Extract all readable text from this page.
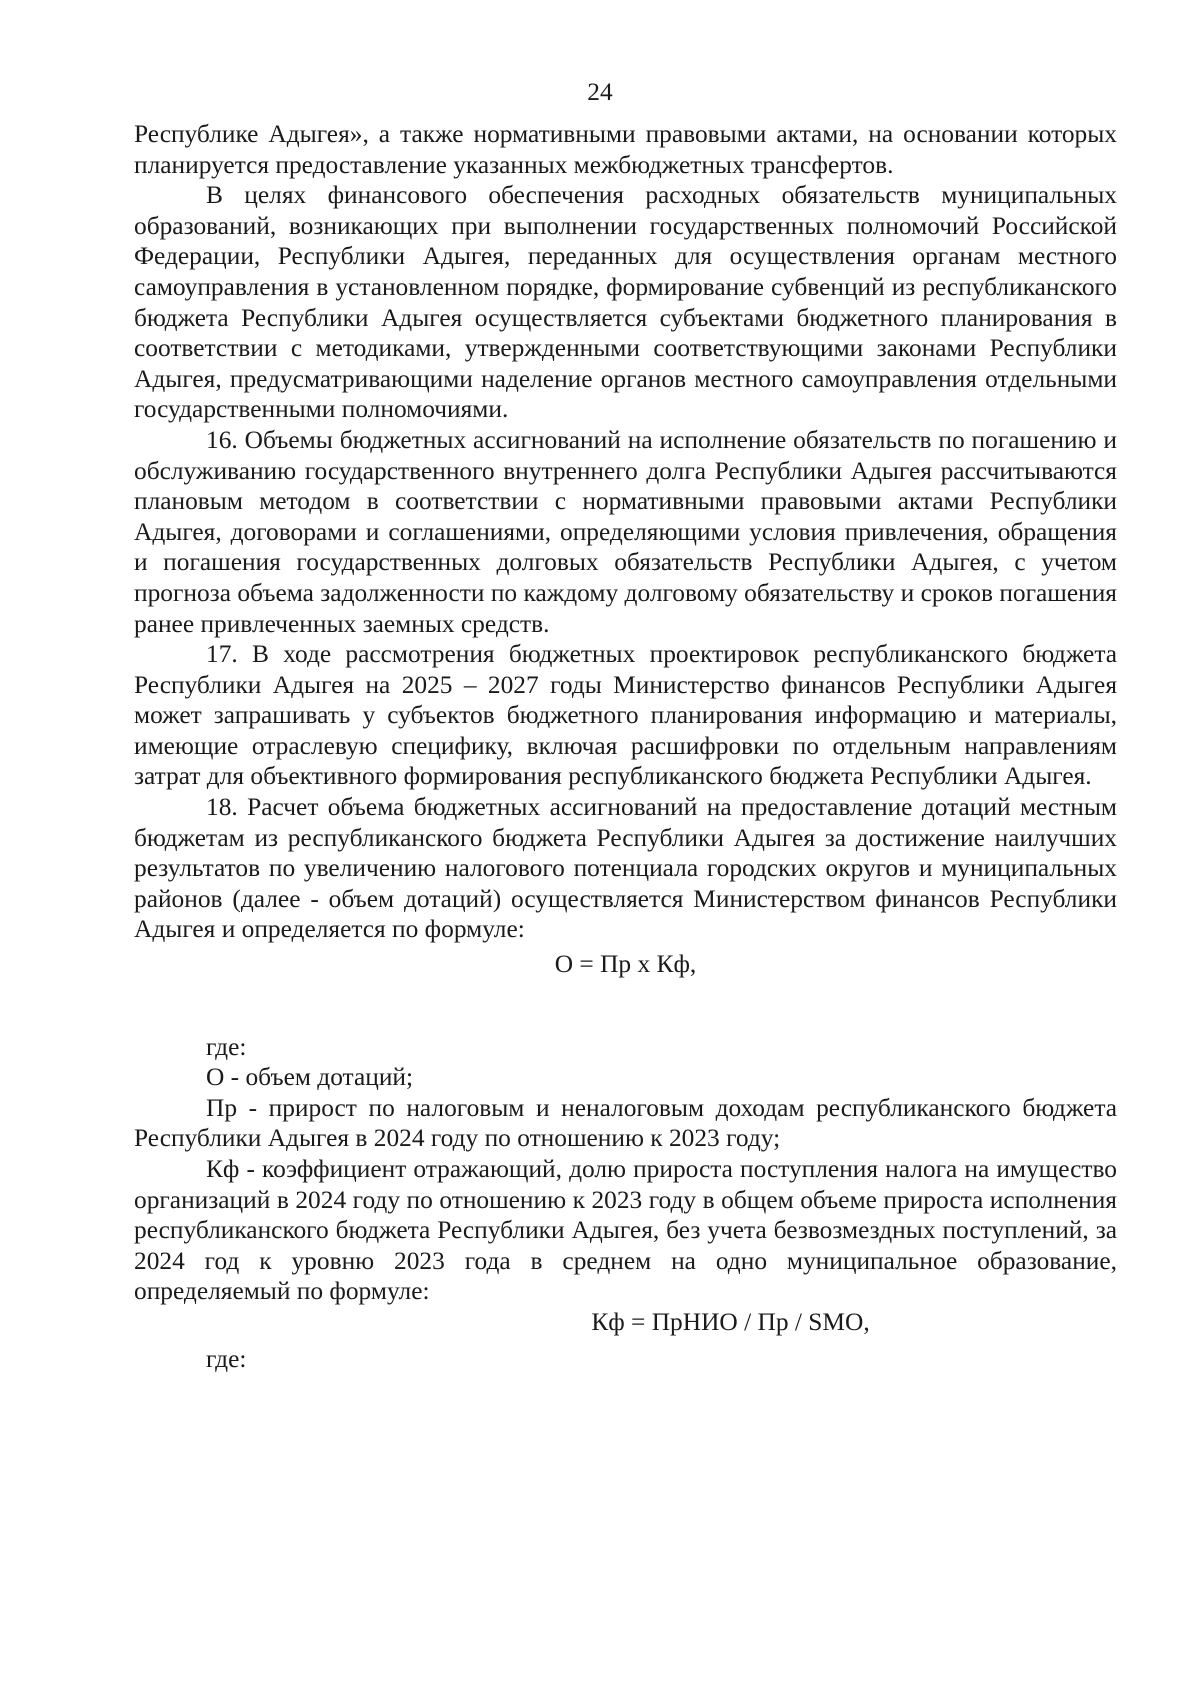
24

Республике Адыгея», а также нормативными правовыми актами, на основании которых планируется предоставление указанных межбюджетных трансфертов.

В целях финансового обеспечения расходных обязательств муниципальных образований, возникающих при выполнении государственных полномочий Российской Федерации, Республики Адыгея, переданных для осуществления органам местного самоуправления в установленном порядке, формирование субвенций из республиканского бюджета Республики Адыгея осуществляется субъектами бюджетного планирования в соответствии с методиками, утвержденными соответствующими законами Республики Адыгея, предусматривающими наделение органов местного самоуправления отдельными государственными полномочиями.

16. Объемы бюджетных ассигнований на исполнение обязательств по погашению и обслуживанию государственного внутреннего долга Республики Адыгея рассчитываются плановым методом в соответствии с нормативными правовыми актами Республики Адыгея, договорами и соглашениями, определяющими условия привлечения, обращения и погашения государственных долговых обязательств Республики Адыгея, с учетом прогноза объема задолженности по каждому долговому обязательству и сроков погашения ранее привлеченных заемных средств.

17. В ходе рассмотрения бюджетных проектировок республиканского бюджета Республики Адыгея на 2025 – 2027 годы Министерство финансов Республики Адыгея может запрашивать у субъектов бюджетного планирования информацию и материалы, имеющие отраслевую специфику, включая расшифровки по отдельным направлениям затрат для объективного формирования республиканского бюджета Республики Адыгея.

18. Расчет объема бюджетных ассигнований на предоставление дотаций местным бюджетам из республиканского бюджета Республики Адыгея за достижение наилучших результатов по увеличению налогового потенциала городских округов и муниципальных районов (далее - объем дотаций) осуществляется Министерством финансов Республики Адыгея и определяется по формуле:

О = Пр х Кф,

где:

О - объем дотаций;

Пр - прирост по налоговым и неналоговым доходам республиканского бюджета Республики Адыгея в 2024 году по отношению к 2023 году;

Кф - коэффициент отражающий, долю прироста поступления налога на имущество организаций в 2024 году по отношению к 2023 году в общем объеме прироста исполнения республиканского бюджета Республики Адыгея, без учета безвозмездных поступлений, за 2024 год к уровню 2023 года в среднем на одно муниципальное образование, определяемый по формуле:

Кф = ПрНИО / Пр / SMO,

где:
